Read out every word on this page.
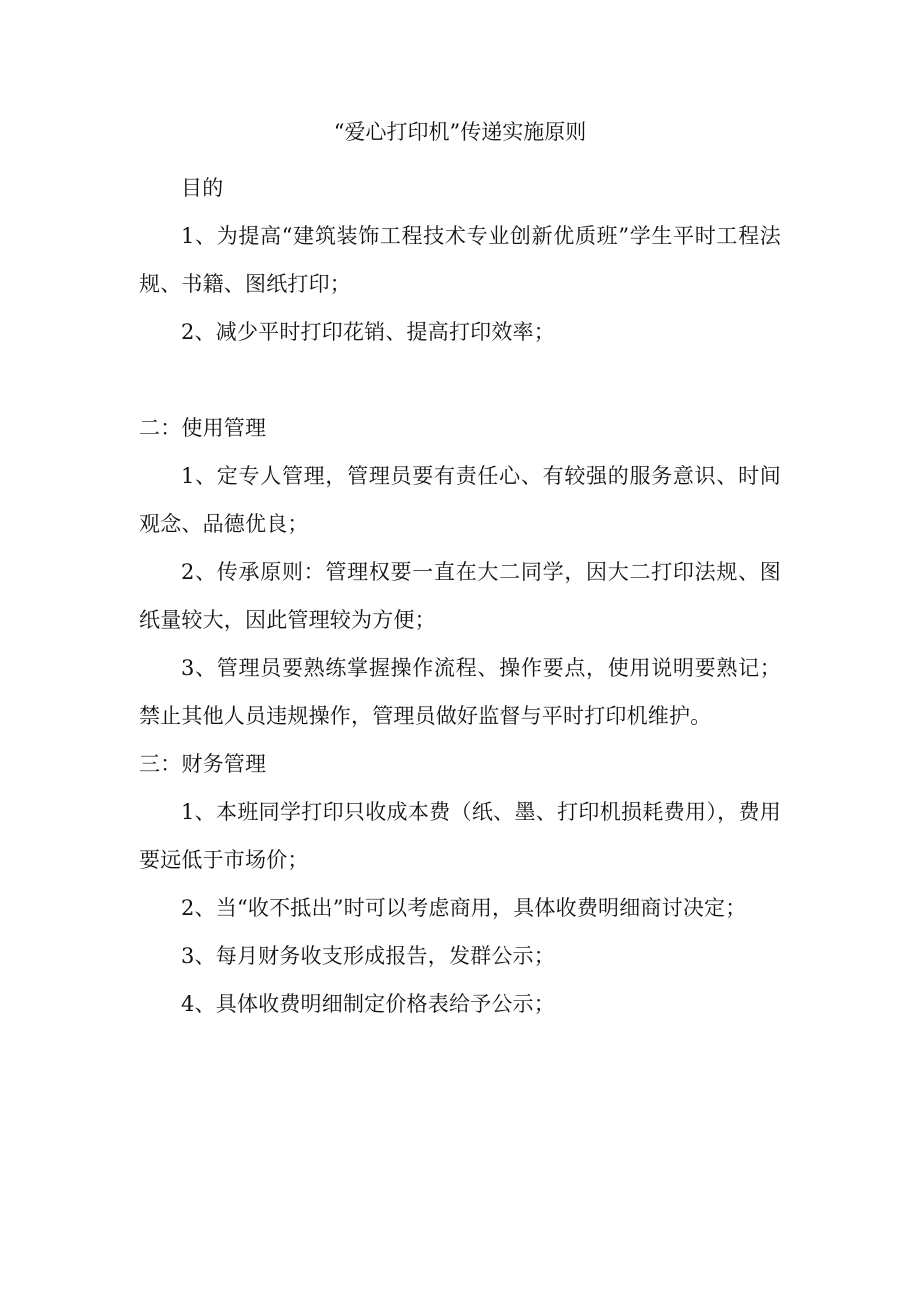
“爱心打印机”传递实施原则

目的

1、为提高“建筑装饰工程技术专业创新优质班”学生平时工程法规、书籍、图纸打印；

2、减少平时打印花销、提高打印效率；

二：使用管理

1、定专人管理，管理员要有责任心、有较强的服务意识、时间观念、品德优良；

2、传承原则：管理权要一直在大二同学，因大二打印法规、图纸量较大，因此管理较为方便；

3、管理员要熟练掌握操作流程、操作要点，使用说明要熟记；禁止其他人员违规操作，管理员做好监督与平时打印机维护。

三：财务管理

1、本班同学打印只收成本费（纸、墨、打印机损耗费用），费用要远低于市场价；

2、当“收不抵出”时可以考虑商用，具体收费明细商讨决定；

3、每月财务收支形成报告，发群公示；

4、具体收费明细制定价格表给予公示；
